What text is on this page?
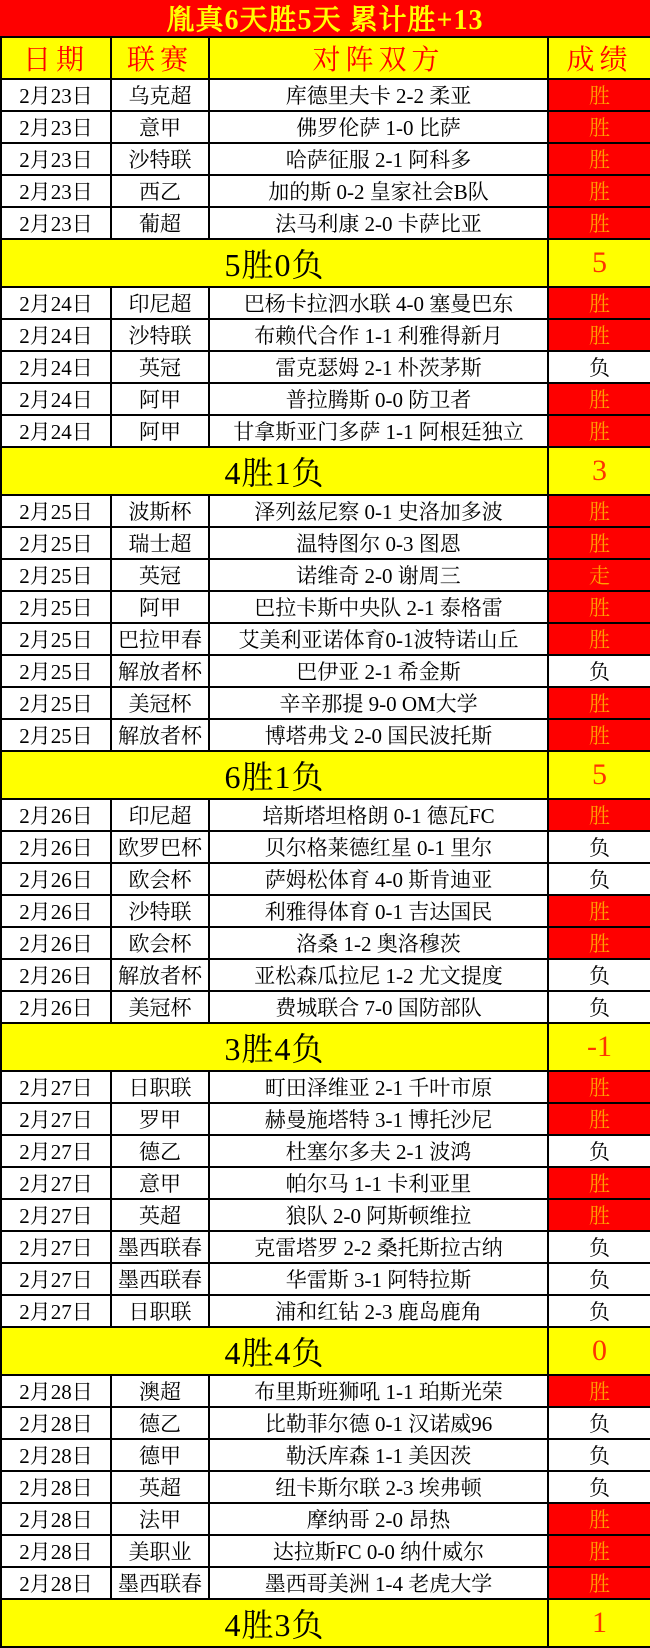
胤真6天胜5天 累计胜+13
日期	联赛	对阵双方	成绩
2月23日	乌克超	库德里夫卡 2-2 柔亚	胜
2月23日	意甲	佛罗伦萨 1-0 比萨	胜
2月23日	沙特联	哈萨征服 2-1 阿科多	胜
2月23日	西乙	加的斯 0-2 皇家社会B队	胜
2月23日	葡超	法马利康 2-0 卡萨比亚	胜
5胜0负			5
2月24日	印尼超	巴杨卡拉泗水联 4-0 塞曼巴东	胜
2月24日	沙特联	布赖代合作 1-1 利雅得新月	胜
2月24日	英冠	雷克瑟姆 2-1 朴茨茅斯	负
2月24日	阿甲	普拉腾斯 0-0 防卫者	胜
2月24日	阿甲	甘拿斯亚门多萨 1-1 阿根廷独立	胜
4胜1负			3
2月25日	波斯杯	泽列兹尼察 0-1 史洛加多波	胜
2月25日	瑞士超	温特图尔 0-3 图恩	胜
2月25日	英冠	诺维奇 2-0 谢周三	走
2月25日	阿甲	巴拉卡斯中央队 2-1 泰格雷	胜
2月25日	巴拉甲春	艾美利亚诺体育0-1波特诺山丘	胜
2月25日	解放者杯	巴伊亚 2-1 希金斯	负
2月25日	美冠杯	辛辛那提 9-0 OM大学	胜
2月25日	解放者杯	博塔弗戈 2-0 国民波托斯	胜
6胜1负			5
2月26日	印尼超	培斯塔坦格朗 0-1 德瓦FC	胜
2月26日	欧罗巴杯	贝尔格莱德红星 0-1 里尔	负
2月26日	欧会杯	萨姆松体育 4-0 斯肯迪亚	负
2月26日	沙特联	利雅得体育 0-1 吉达国民	胜
2月26日	欧会杯	洛桑 1-2 奥洛穆茨	胜
2月26日	解放者杯	亚松森瓜拉尼 1-2 尤文提度	负
2月26日	美冠杯	费城联合 7-0 国防部队	负
3胜4负			-1
2月27日	日职联	町田泽维亚 2-1 千叶市原	胜
2月27日	罗甲	赫曼施塔特 3-1 博托沙尼	胜
2月27日	德乙	杜塞尔多夫 2-1 波鸿	负
2月27日	意甲	帕尔马 1-1 卡利亚里	胜
2月27日	英超	狼队 2-0 阿斯顿维拉	胜
2月27日	墨西联春	克雷塔罗 2-2 桑托斯拉古纳	负
2月27日	墨西联春	华雷斯 3-1 阿特拉斯	负
2月27日	日职联	浦和红钻 2-3 鹿岛鹿角	负
4胜4负			0
2月28日	澳超	布里斯班狮吼 1-1 珀斯光荣	胜
2月28日	德乙	比勒菲尔德 0-1 汉诺威96	负
2月28日	德甲	勒沃库森 1-1 美因茨	负
2月28日	英超	纽卡斯尔联 2-3 埃弗顿	负
2月28日	法甲	摩纳哥 2-0 昂热	胜
2月28日	美职业	达拉斯FC 0-0 纳什威尔	胜
2月28日	墨西联春	墨西哥美洲 1-4 老虎大学	胜
4胜3负			1
